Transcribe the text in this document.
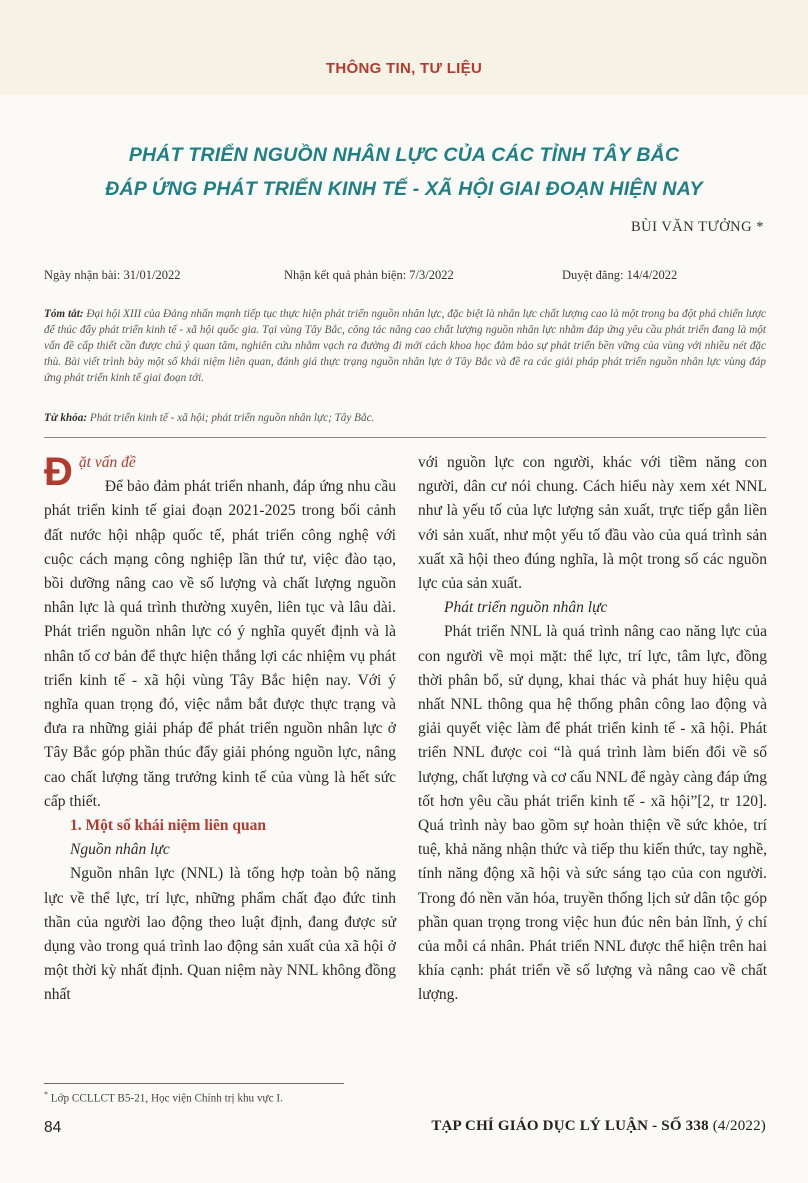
THÔNG TIN, TƯ LIỆU
PHÁT TRIỂN NGUỒN NHÂN LỰC CỦA CÁC TỈNH TÂY BẮC
ĐÁP ỨNG PHÁT TRIỂN KINH TẾ - XÃ HỘI GIAI ĐOẠN HIỆN NAY
BÙI VĂN TƯỞNG *
Ngày nhận bài: 31/01/2022	Nhận kết quả phản biện: 7/3/2022	Duyệt đăng: 14/4/2022
Tóm tắt: Đại hội XIII của Đảng nhấn mạnh tiếp tục thực hiện phát triển nguồn nhân lực, đặc biệt là nhân lực chất lượng cao là một trong ba đột phá chiến lược để thúc đẩy phát triển kinh tế - xã hội quốc gia. Tại vùng Tây Bắc, công tác nâng cao chất lượng nguồn nhân lực nhằm đáp ứng yêu cầu phát triển đang là một vấn đề cấp thiết cần được chú ý quan tâm, nghiên cứu nhằm vạch ra đường đi mới cách khoa học đảm bảo sự phát triển bền vững của vùng với nhiều nét đặc thù. Bài viết trình bày một số khái niệm liên quan, đánh giá thực trạng nguồn nhân lực ở Tây Bắc và đề ra các giải pháp phát triển nguồn nhân lực vùng đáp ứng phát triển kinh tế giai đoạn tới.
Từ khóa: Phát triển kinh tế - xã hội; phát triển nguồn nhân lực; Tây Bắc.

Đặt vấn đề

Để bảo đảm phát triển nhanh, đáp ứng nhu cầu phát triển kinh tế giai đoạn 2021-2025 trong bối cảnh đất nước hội nhập quốc tế, phát triển công nghệ với cuộc cách mạng công nghiệp lần thứ tư, việc đào tạo, bồi dưỡng nâng cao về số lượng và chất lượng nguồn nhân lực là quá trình thường xuyên, liên tục và lâu dài. Phát triển nguồn nhân lực có ý nghĩa quyết định và là nhân tố cơ bản để thực hiện thắng lợi các nhiệm vụ phát triển kinh tế - xã hội vùng Tây Bắc hiện nay. Với ý nghĩa quan trọng đó, việc nắm bắt được thực trạng và đưa ra những giải pháp để phát triển nguồn nhân lực ở Tây Bắc góp phần thúc đẩy giải phóng nguồn lực, nâng cao chất lượng tăng trưởng kinh tế của vùng là hết sức cấp thiết.

1. Một số khái niệm liên quan

Nguồn nhân lực

Nguồn nhân lực (NNL) là tổng hợp toàn bộ năng lực về thể lực, trí lực, những phẩm chất đạo đức tinh thần của người lao động theo luật định, đang được sử dụng vào trong quá trình lao động sản xuất của xã hội ở một thời kỳ nhất định. Quan niệm này NNL không đồng nhất

với nguồn lực con người, khác với tiềm năng con người, dân cư nói chung. Cách hiểu này xem xét NNL như là yếu tố của lực lượng sản xuất, trực tiếp gắn liền với sản xuất, như một yếu tố đầu vào của quá trình sản xuất xã hội theo đúng nghĩa, là một trong số các nguồn lực của sản xuất.

Phát triển nguồn nhân lực

Phát triển NNL là quá trình nâng cao năng lực của con người về mọi mặt: thể lực, trí lực, tâm lực, đồng thời phân bổ, sử dụng, khai thác và phát huy hiệu quả nhất NNL thông qua hệ thống phân công lao động và giải quyết việc làm để phát triển kinh tế - xã hội. Phát triển NNL được coi “là quá trình làm biến đổi về số lượng, chất lượng và cơ cấu NNL để ngày càng đáp ứng tốt hơn yêu cầu phát triển kinh tế - xã hội”[2, tr 120]. Quá trình này bao gồm sự hoàn thiện về sức khỏe, trí tuệ, khả năng nhận thức và tiếp thu kiến thức, tay nghề, tính năng động xã hội và sức sáng tạo của con người. Trong đó nền văn hóa, truyền thống lịch sử dân tộc góp phần quan trọng trong việc hun đúc nên bản lĩnh, ý chí của mỗi cá nhân. Phát triển NNL được thể hiện trên hai khía cạnh: phát triển về số lượng và nâng cao về chất lượng.

* Lớp CCLLCT B5-21, Học viện Chính trị khu vực I.
84	TẠP CHÍ GIÁO DỤC LÝ LUẬN - SỐ 338 (4/2022)
